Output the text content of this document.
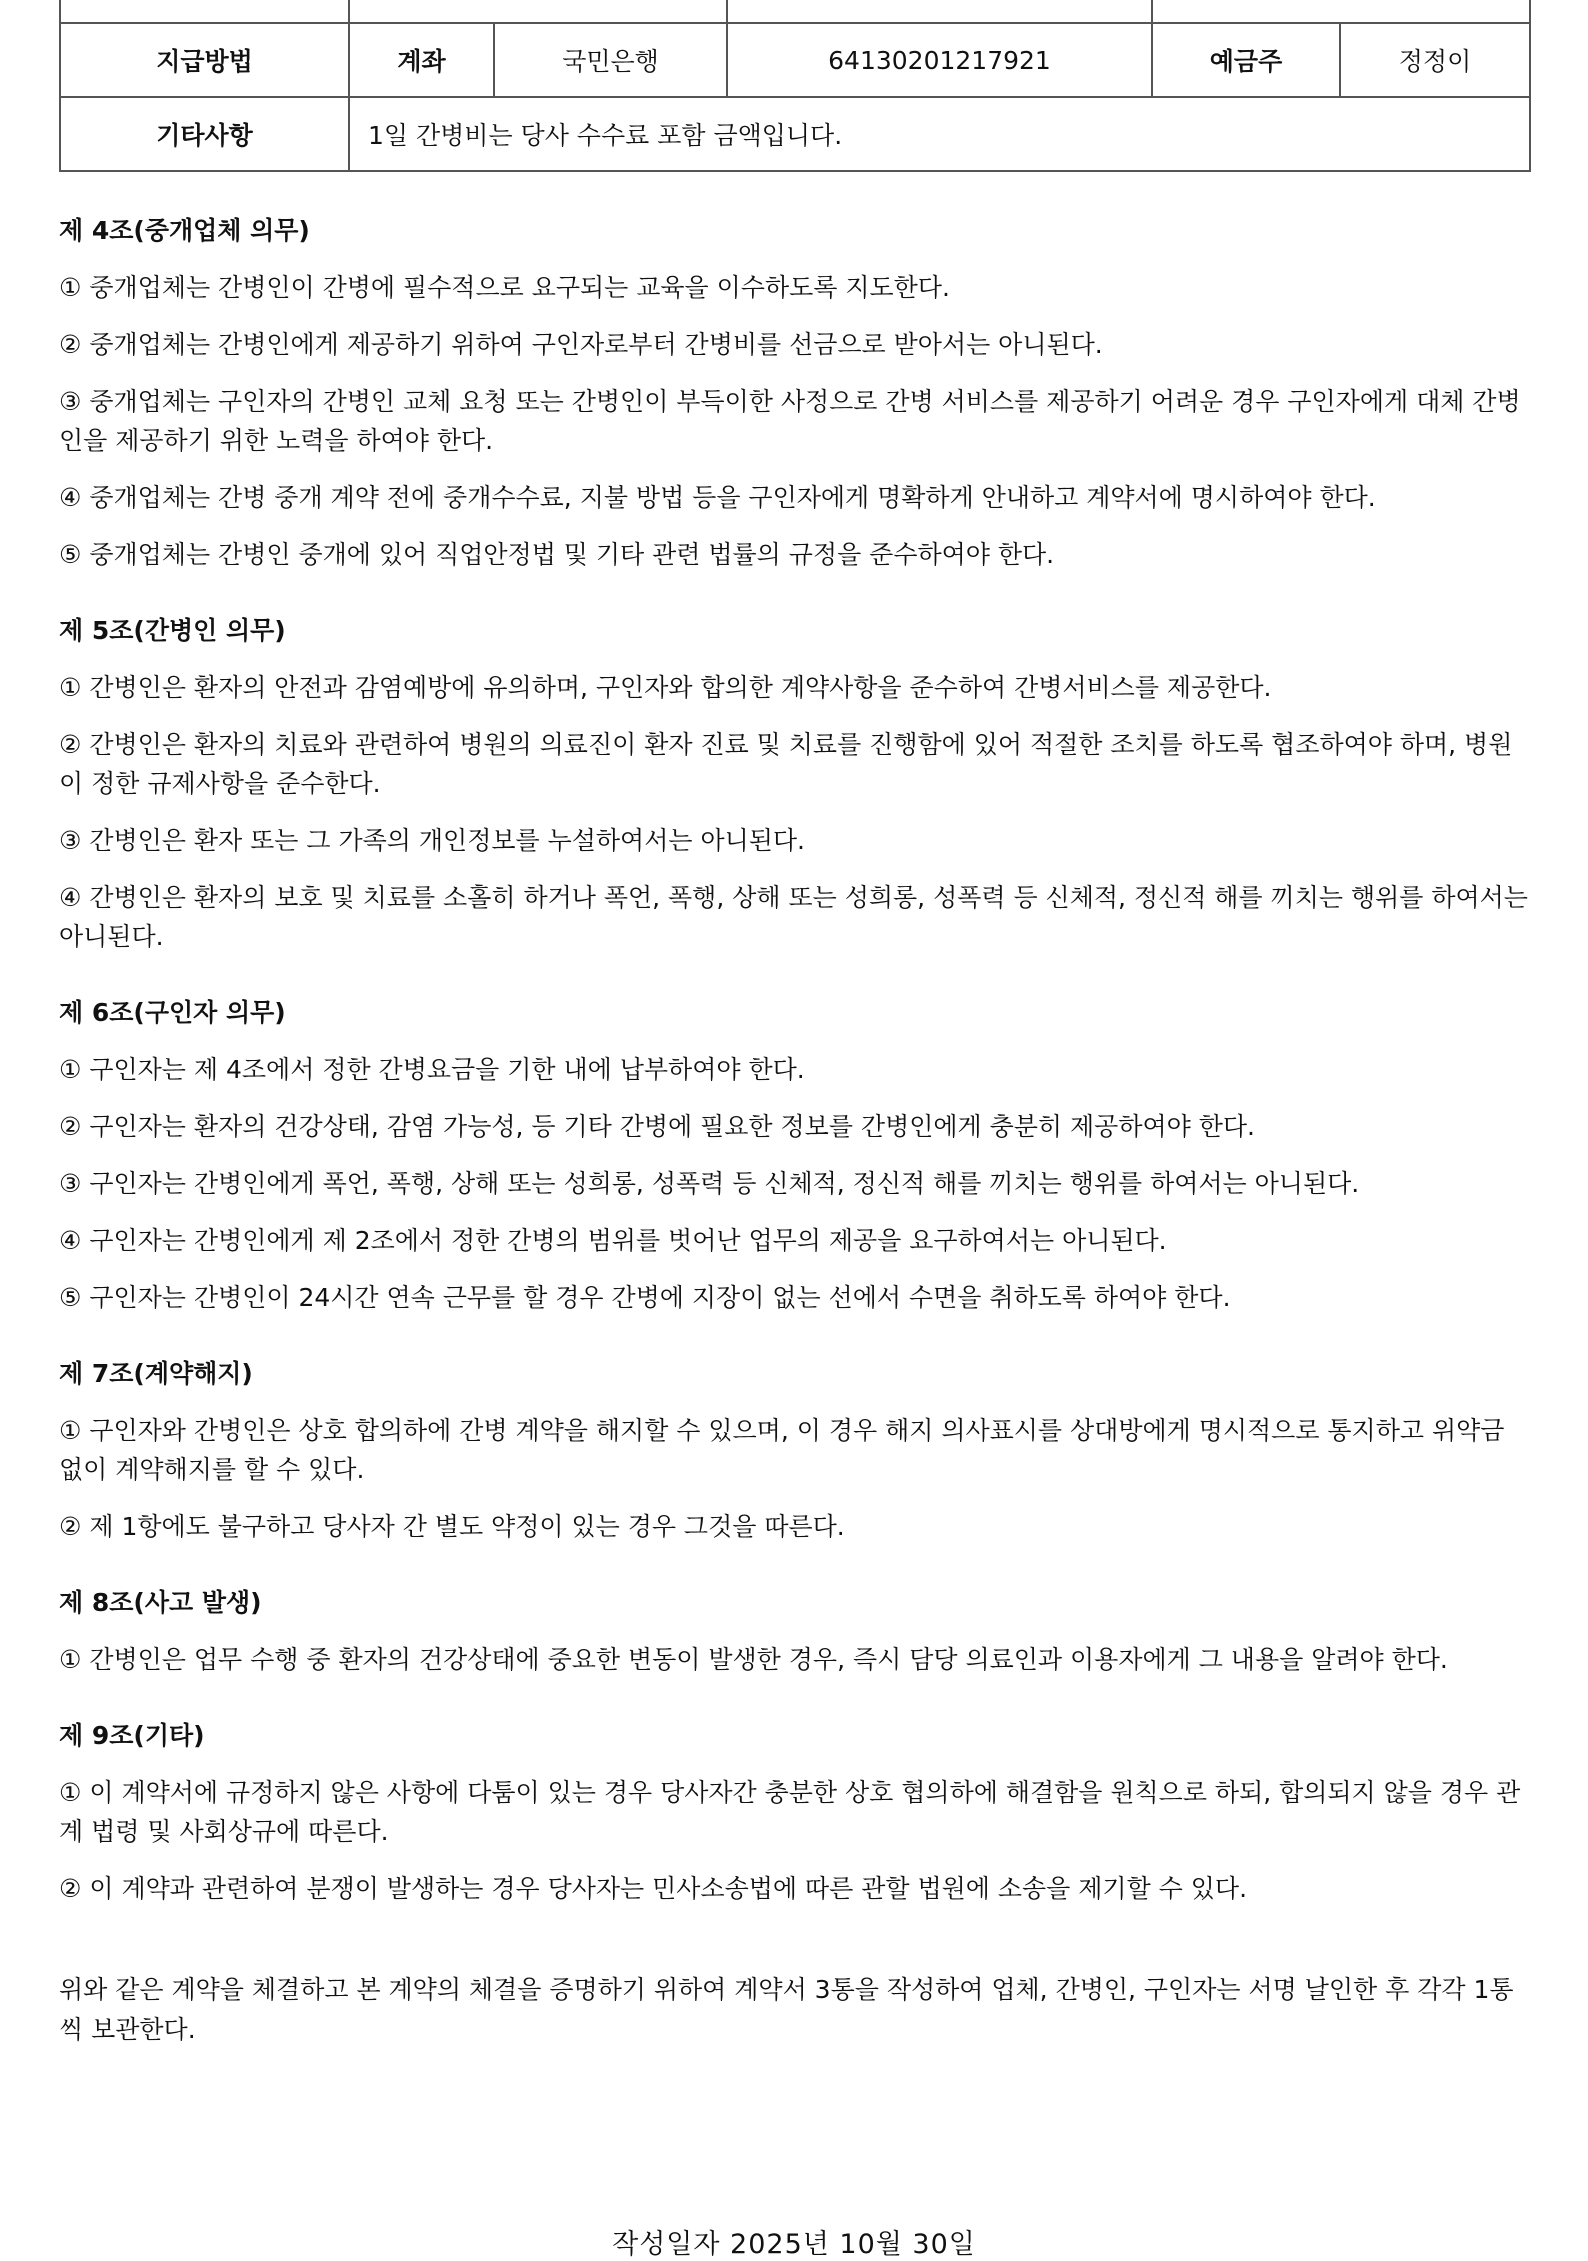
지급방법	계좌	국민은행	64130201217921	예금주	정정이
기타사항	1일 간병비는 당사 수수료 포함 금액입니다.				
제 4조(중개업체 의무)
① 중개업체는 간병인이 간병에 필수적으로 요구되는 교육을 이수하도록 지도한다.
② 중개업체는 간병인에게 제공하기 위하여 구인자로부터 간병비를 선금으로 받아서는 아니된다.
③ 중개업체는 구인자의 간병인 교체 요청 또는 간병인이 부득이한 사정으로 간병 서비스를 제공하기 어려운 경우 구인자에게 대체 간병인을 제공하기 위한 노력을 하여야 한다.
④ 중개업체는 간병 중개 계약 전에 중개수수료, 지불 방법 등을 구인자에게 명확하게 안내하고 계약서에 명시하여야 한다.
⑤ 중개업체는 간병인 중개에 있어 직업안정법 및 기타 관련 법률의 규정을 준수하여야 한다.
제 5조(간병인 의무)
① 간병인은 환자의 안전과 감염예방에 유의하며, 구인자와 합의한 계약사항을 준수하여 간병서비스를 제공한다.
② 간병인은 환자의 치료와 관련하여 병원의 의료진이 환자 진료 및 치료를 진행함에 있어 적절한 조치를 하도록 협조하여야 하며, 병원이 정한 규제사항을 준수한다.
③ 간병인은 환자 또는 그 가족의 개인정보를 누설하여서는 아니된다.
④ 간병인은 환자의 보호 및 치료를 소홀히 하거나 폭언, 폭행, 상해 또는 성희롱, 성폭력 등 신체적, 정신적 해를 끼치는 행위를 하여서는 아니된다.
제 6조(구인자 의무)
① 구인자는 제 4조에서 정한 간병요금을 기한 내에 납부하여야 한다.
② 구인자는 환자의 건강상태, 감염 가능성, 등 기타 간병에 필요한 정보를 간병인에게 충분히 제공하여야 한다.
③ 구인자는 간병인에게 폭언, 폭행, 상해 또는 성희롱, 성폭력 등 신체적, 정신적 해를 끼치는 행위를 하여서는 아니된다.
④ 구인자는 간병인에게 제 2조에서 정한 간병의 범위를 벗어난 업무의 제공을 요구하여서는 아니된다.
⑤ 구인자는 간병인이 24시간 연속 근무를 할 경우 간병에 지장이 없는 선에서 수면을 취하도록 하여야 한다.
제 7조(계약해지)
① 구인자와 간병인은 상호 합의하에 간병 계약을 해지할 수 있으며, 이 경우 해지 의사표시를 상대방에게 명시적으로 통지하고 위약금 없이 계약해지를 할 수 있다.
② 제 1항에도 불구하고 당사자 간 별도 약정이 있는 경우 그것을 따른다.
제 8조(사고 발생)
① 간병인은 업무 수행 중 환자의 건강상태에 중요한 변동이 발생한 경우, 즉시 담당 의료인과 이용자에게 그 내용을 알려야 한다.
제 9조(기타)
① 이 계약서에 규정하지 않은 사항에 다툼이 있는 경우 당사자간 충분한 상호 협의하에 해결함을 원칙으로 하되, 합의되지 않을 경우 관계 법령 및 사회상규에 따른다.
② 이 계약과 관련하여 분쟁이 발생하는 경우 당사자는 민사소송법에 따른 관할 법원에 소송을 제기할 수 있다.
위와 같은 계약을 체결하고 본 계약의 체결을 증명하기 위하여 계약서 3통을 작성하여 업체, 간병인, 구인자는 서명 날인한 후 각각 1통씩 보관한다.
작성일자 2025년 10월 30일
